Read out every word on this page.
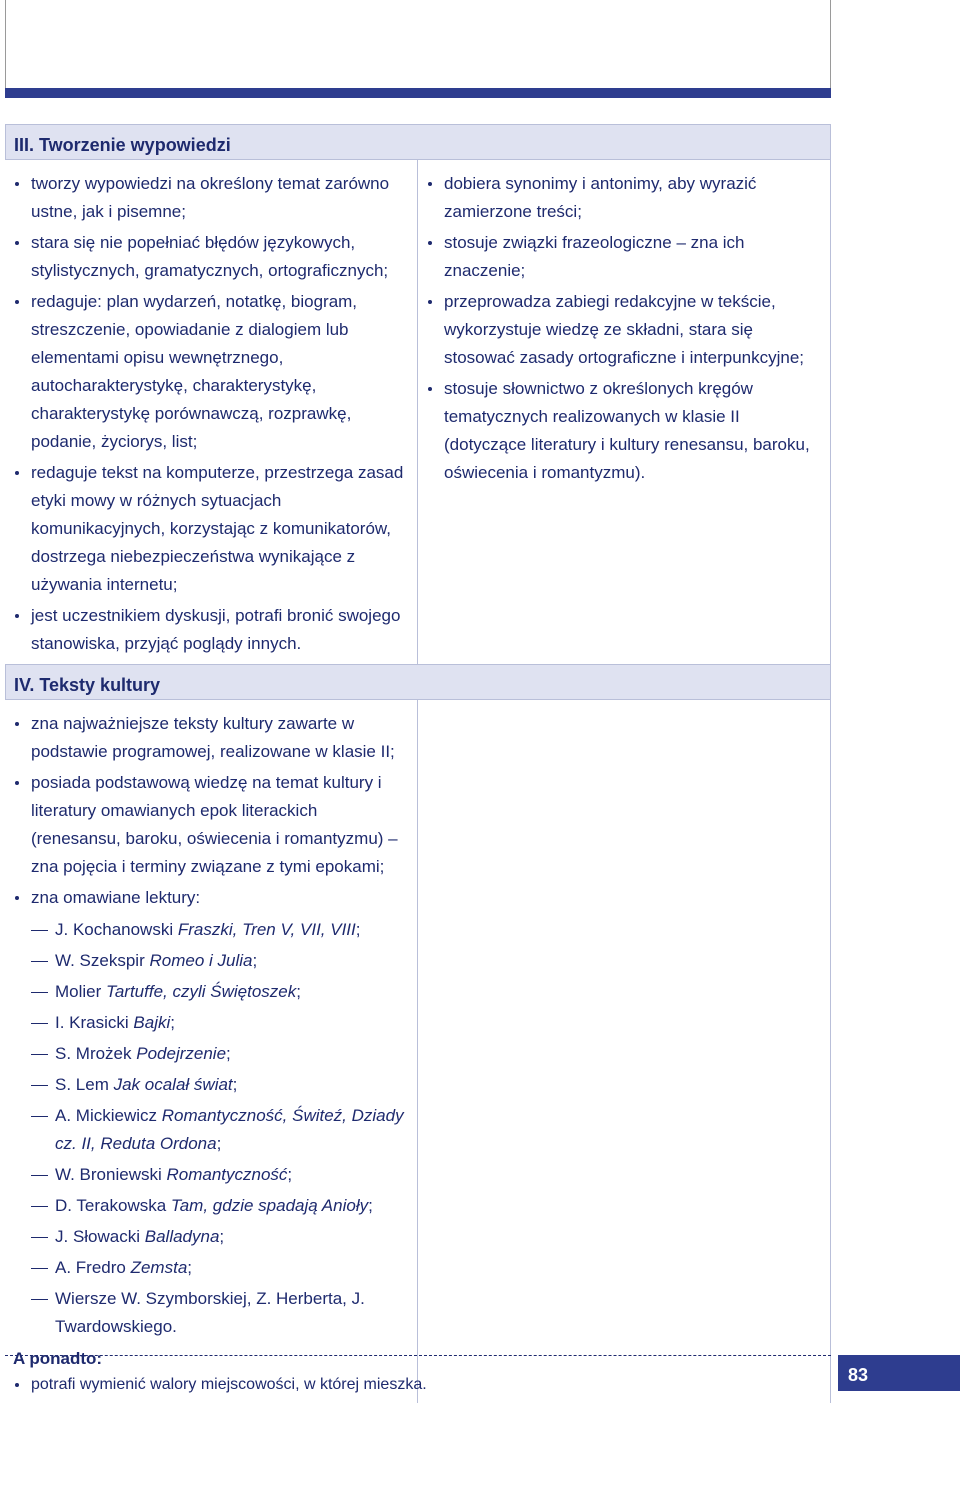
III. Tworzenie wypowiedzi
tworzy wypowiedzi na określony temat zarówno ustne, jak i pisemne;
stara się nie popełniać błędów językowych, stylistycznych, gramatycznych, ortograficznych;
redaguje: plan wydarzeń, notatkę, biogram, streszczenie, opowiadanie z dialogiem lub elementami opisu wewnętrznego, autocharakterystykę, charakterystykę, charakterystykę porównawczą, rozprawkę, podanie, życiorys, list;
redaguje tekst na komputerze, przestrzega zasad etyki mowy w różnych sytuacjach komunikacyjnych, korzystając z komunikatorów, dostrzega niebezpieczeństwa wynikające z używania internetu;
jest uczestnikiem dyskusji, potrafi bronić swojego stanowiska, przyjąć poglądy innych.
dobiera synonimy i antonimy, aby wyrazić zamierzone treści;
stosuje związki frazeologiczne – zna ich znaczenie;
przeprowadza zabiegi redakcyjne w tekście, wykorzystuje wiedzę ze składni, stara się stosować zasady ortograficzne i interpunkcyjne;
stosuje słownictwo z określonych kręgów tematycznych realizowanych w klasie II (dotyczące literatury i kultury renesansu, baroku, oświecenia i romantyzmu).
IV. Teksty kultury
zna najważniejsze teksty kultury zawarte w podstawie programowej, realizowane w klasie II;
posiada podstawową wiedzę na temat kultury i literatury omawianych epok literackich (renesansu, baroku, oświecenia i romantyzmu) – zna pojęcia i terminy związane z tymi epokami;
zna omawiane lektury:
J. Kochanowski Fraszki, Tren V, VII, VIII;
W. Szekspir Romeo i Julia;
Molier Tartuffe, czyli Świętoszek;
I. Krasicki Bajki;
S. Mrożek Podejrzenie;
S. Lem Jak ocalał świat;
A. Mickiewicz Romantyczność, Świteź, Dziady cz. II, Reduta Ordona;
W. Broniewski Romantyczność;
D. Terakowska Tam, gdzie spadają Anioły;
J. Słowacki Balladyna;
A. Fredro Zemsta;
Wiersze W. Szymborskiej, Z. Herberta, J. Twardowskiego.
A ponadto:
potrafi wymienić walory miejscowości, w której mieszka.	83
